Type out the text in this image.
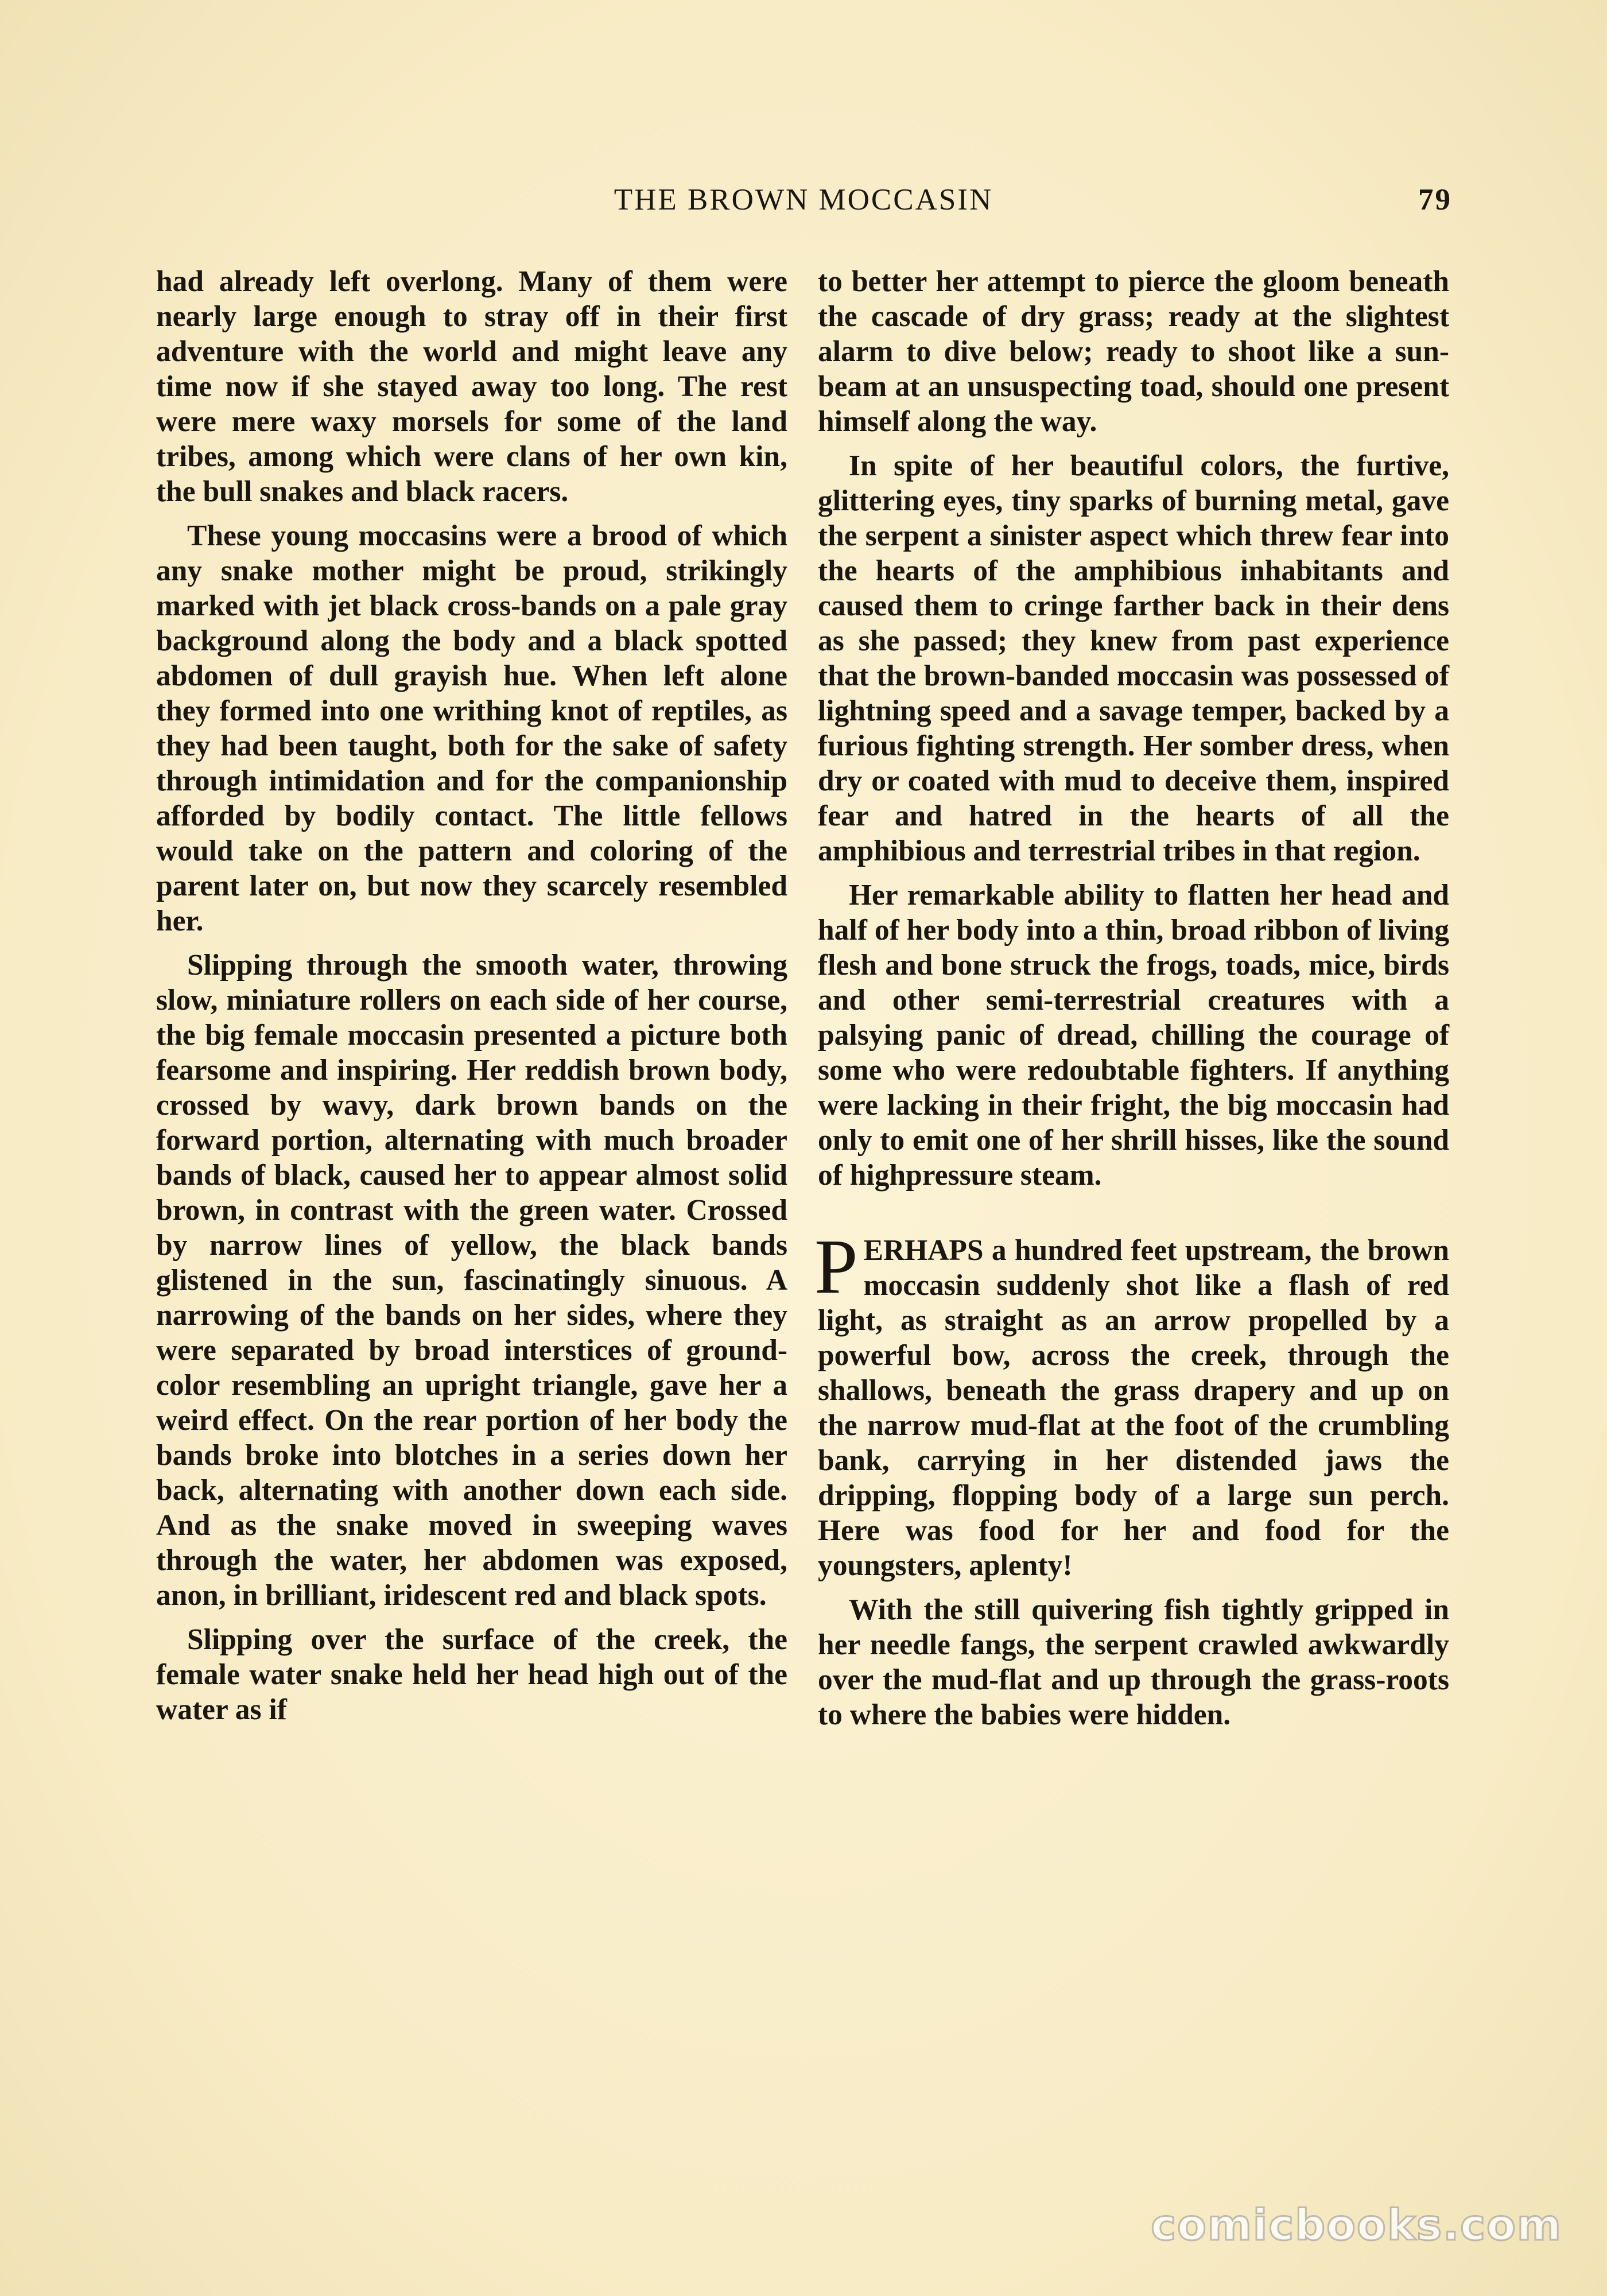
THE BROWN MOCCASIN	79

had already left overlong. Many of them were nearly large enough to stray off in their first adventure with the world and might leave any time now if she stayed away too long. The rest were mere waxy morsels for some of the land tribes, among which were clans of her own kin, the bull snakes and black racers.

These young moccasins were a brood of which any snake mother might be proud, strikingly marked with jet black cross-bands on a pale gray background along the body and a black spotted abdomen of dull grayish hue. When left alone they formed into one writhing knot of reptiles, as they had been taught, both for the sake of safety through intimidation and for the companionship afforded by bodily contact. The little fellows would take on the pattern and coloring of the parent later on, but now they scarcely resembled her.

Slipping through the smooth water, throwing slow, miniature rollers on each side of her course, the big female moccasin presented a picture both fearsome and inspiring. Her reddish brown body, crossed by wavy, dark brown bands on the forward portion, alternating with much broader bands of black, caused her to appear almost solid brown, in contrast with the green water. Crossed by narrow lines of yellow, the black bands glistened in the sun, fascinatingly sinuous. A narrowing of the bands on her sides, where they were separated by broad interstices of ground-color resembling an upright triangle, gave her a weird effect. On the rear portion of her body the bands broke into blotches in a series down her back, alternating with another down each side. And as the snake moved in sweeping waves through the water, her abdomen was exposed, anon, in brilliant, iridescent red and black spots.

Slipping over the surface of the creek, the female water snake held her head high out of the water as if

to better her attempt to pierce the gloom beneath the cascade of dry grass; ready at the slightest alarm to dive below; ready to shoot like a sunbeam at an unsuspecting toad, should one present himself along the way.

In spite of her beautiful colors, the furtive, glittering eyes, tiny sparks of burning metal, gave the serpent a sinister aspect which threw fear into the hearts of the amphibious inhabitants and caused them to cringe farther back in their dens as she passed; they knew from past experience that the brown-banded moccasin was possessed of lightning speed and a savage temper, backed by a furious fighting strength. Her somber dress, when dry or coated with mud to deceive them, inspired fear and hatred in the hearts of all the amphibious and terrestrial tribes in that region.

Her remarkable ability to flatten her head and half of her body into a thin, broad ribbon of living flesh and bone struck the frogs, toads, mice, birds and other semi-terrestrial creatures with a palsying panic of dread, chilling the courage of some who were redoubtable fighters. If anything were lacking in their fright, the big moccasin had only to emit one of her shrill hisses, like the sound of highpressure steam.

PERHAPS a hundred feet upstream, the brown moccasin suddenly shot like a flash of red light, as straight as an arrow propelled by a powerful bow, across the creek, through the shallows, beneath the grass drapery and up on the narrow mud-flat at the foot of the crumbling bank, carrying in her distended jaws the dripping, flopping body of a large sun perch. Here was food for her and food for the youngsters, aplenty!

With the still quivering fish tightly gripped in her needle fangs, the serpent crawled awkwardly over the mud-flat and up through the grass-roots to where the babies were hidden.

comicbooks.com
